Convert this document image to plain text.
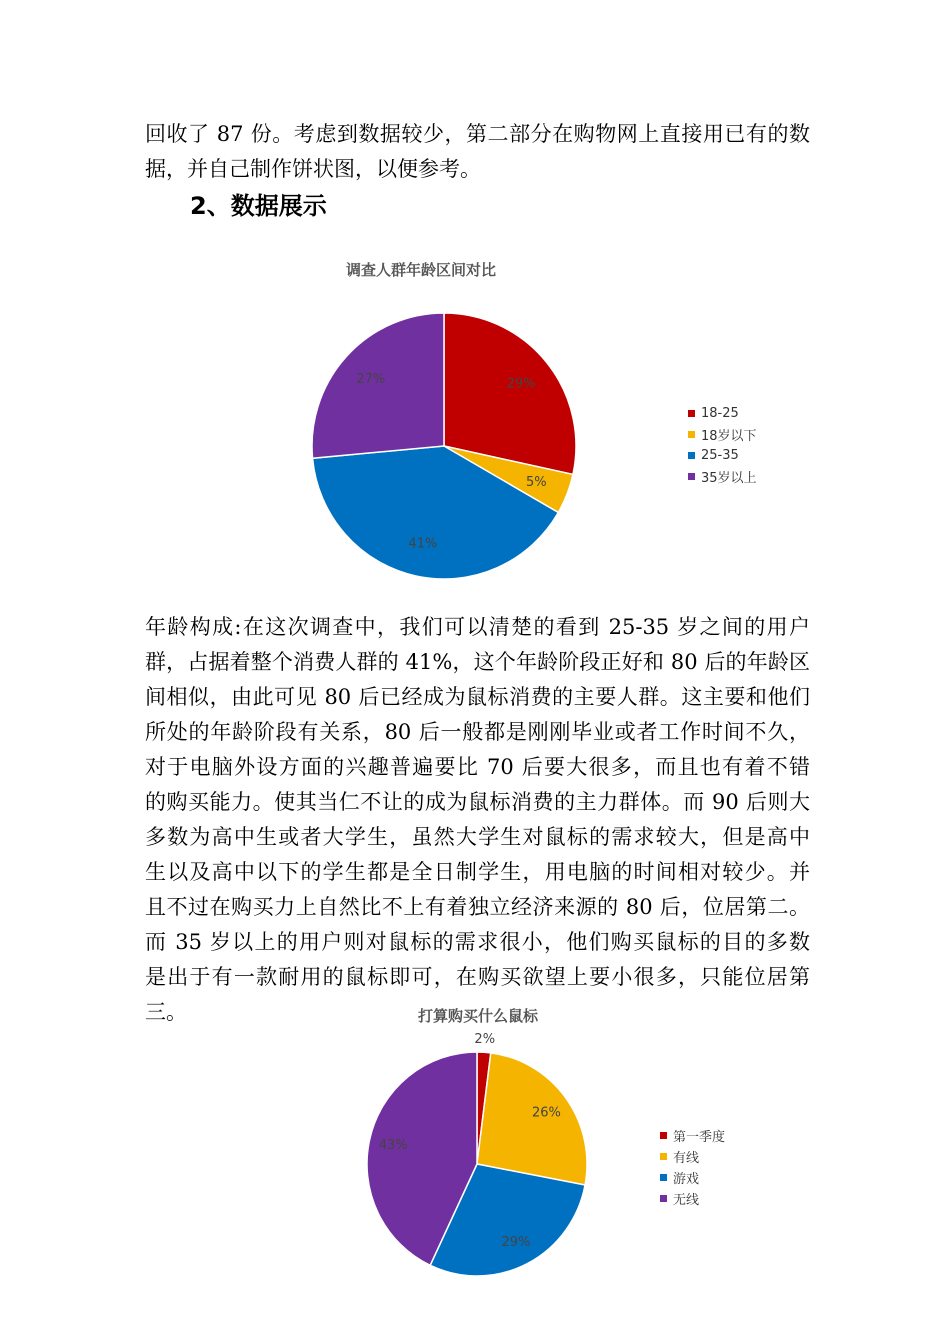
回收了 87 份。考虑到数据较少，第二部分在购物网上直接用已有的数
据，并自己制作饼状图，以便参考。
2、数据展示
调查人群年龄区间对比
29%
5%
41%
27%
18-25
18岁以下
25-35
35岁以上
年龄构成:在这次调查中，我们可以清楚的看到 25-35 岁之间的用户
群，占据着整个消费人群的 41%，这个年龄阶段正好和 80 后的年龄区
间相似，由此可见 80 后已经成为鼠标消费的主要人群。这主要和他们
所处的年龄阶段有关系，80 后一般都是刚刚毕业或者工作时间不久，
对于电脑外设方面的兴趣普遍要比 70 后要大很多，而且也有着不错
的购买能力。使其当仁不让的成为鼠标消费的主力群体。而 90 后则大
多数为高中生或者大学生，虽然大学生对鼠标的需求较大，但是高中
生以及高中以下的学生都是全日制学生，用电脑的时间相对较少。并
且不过在购买力上自然比不上有着独立经济来源的 80 后，位居第二。
而 35 岁以上的用户则对鼠标的需求很小，他们购买鼠标的目的多数
是出于有一款耐用的鼠标即可，在购买欲望上要小很多，只能位居第
三。	打算购买什么鼠标
2%
26%
29%
43%
第一季度
有线
游戏
无线
